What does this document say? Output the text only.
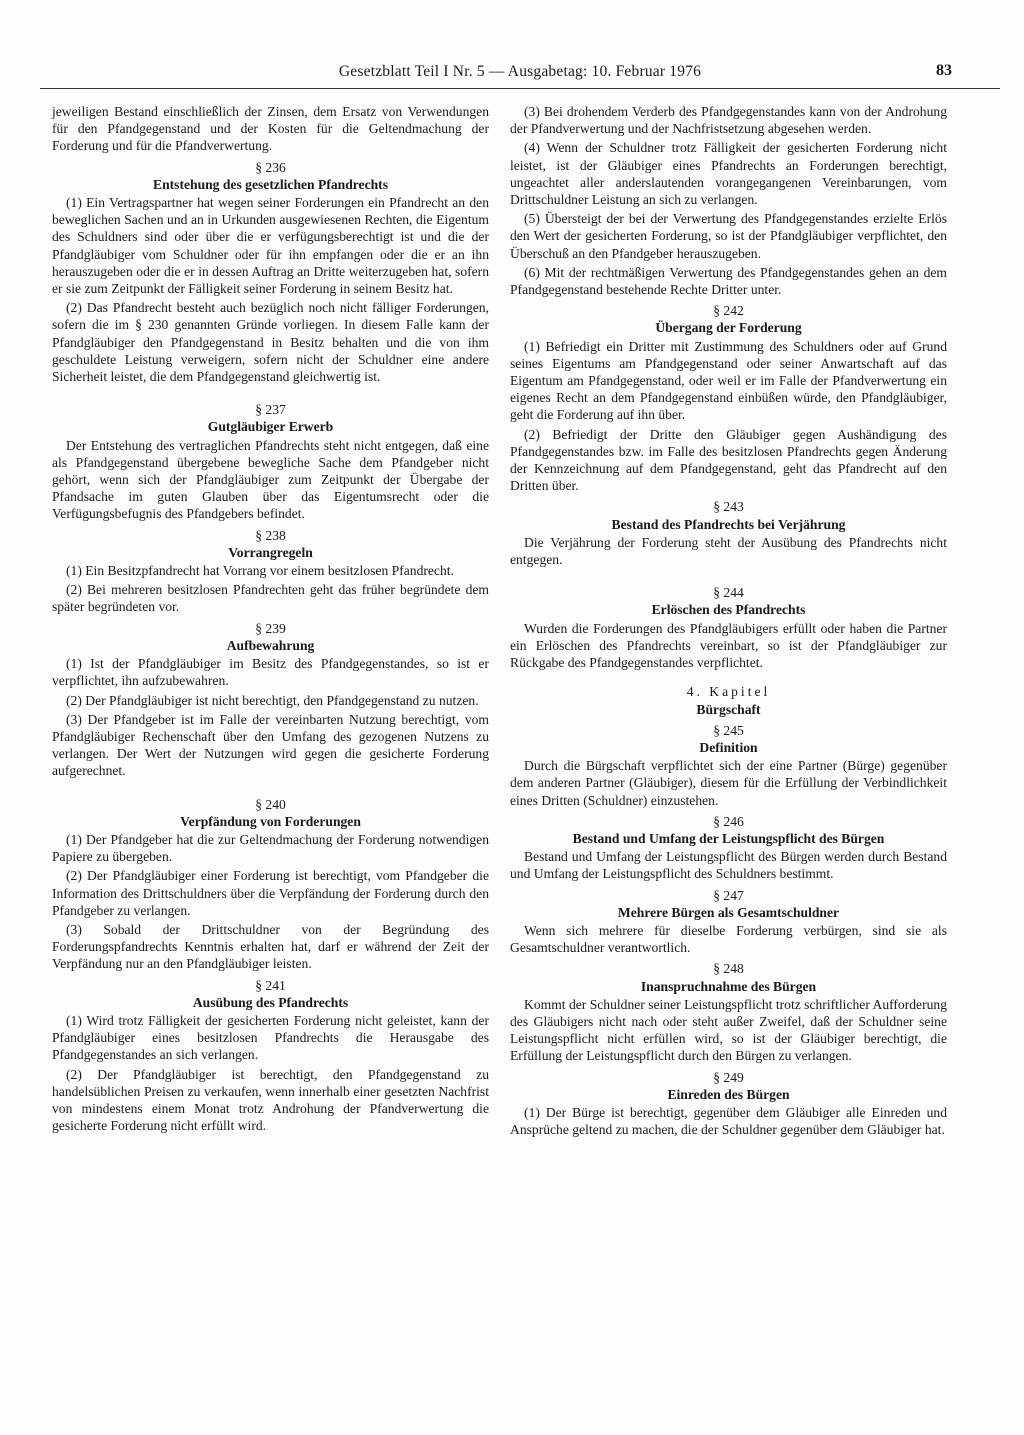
Gesetzblatt Teil I Nr. 5 — Ausgabetag: 10. Februar 1976	83

jeweiligen Bestand einschließlich der Zinsen, dem Ersatz von Verwendungen für den Pfandgegenstand und der Kosten für die Geltendmachung der Forderung und für die Pfandverwertung.

§ 236
Entstehung des gesetzlichen Pfandrechts

(1) Ein Vertragspartner hat wegen seiner Forderungen ein Pfandrecht an den beweglichen Sachen und an in Urkunden ausgewiesenen Rechten, die Eigentum des Schuldners sind oder über die er verfügungsberechtigt ist und die der Pfandgläubiger vom Schuldner oder für ihn empfangen oder die er an ihn herauszugeben oder die er in dessen Auftrag an Dritte weiterzugeben hat, sofern er sie zum Zeitpunkt der Fälligkeit seiner Forderung in seinem Besitz hat.

(2) Das Pfandrecht besteht auch bezüglich noch nicht fälliger Forderungen, sofern die im § 230 genannten Gründe vorliegen. In diesem Falle kann der Pfandgläubiger den Pfandgegenstand in Besitz behalten und die von ihm geschuldete Leistung verweigern, sofern nicht der Schuldner eine andere Sicherheit leistet, die dem Pfandgegenstand gleichwertig ist.

§ 237
Gutgläubiger Erwerb

Der Entstehung des vertraglichen Pfandrechts steht nicht entgegen, daß eine als Pfandgegenstand übergebene bewegliche Sache dem Pfandgeber nicht gehört, wenn sich der Pfandgläubiger zum Zeitpunkt der Übergabe der Pfandsache im guten Glauben über das Eigentumsrecht oder die Verfügungsbefugnis des Pfandgebers befindet.

§ 238
Vorrangregeln

(1) Ein Besitzpfandrecht hat Vorrang vor einem besitzlosen Pfandrecht.

(2) Bei mehreren besitzlosen Pfandrechten geht das früher begründete dem später begründeten vor.

§ 239
Aufbewahrung

(1) Ist der Pfandgläubiger im Besitz des Pfandgegenstandes, so ist er verpflichtet, ihn aufzubewahren.

(2) Der Pfandgläubiger ist nicht berechtigt, den Pfandgegenstand zu nutzen.

(3) Der Pfandgeber ist im Falle der vereinbarten Nutzung berechtigt, vom Pfandgläubiger Rechenschaft über den Umfang des gezogenen Nutzens zu verlangen. Der Wert der Nutzungen wird gegen die gesicherte Forderung aufgerechnet.

§ 240
Verpfändung von Forderungen

(1) Der Pfandgeber hat die zur Geltendmachung der Forderung notwendigen Papiere zu übergeben.

(2) Der Pfandgläubiger einer Forderung ist berechtigt, vom Pfandgeber die Information des Drittschuldners über die Verpfändung der Forderung durch den Pfandgeber zu verlangen.

(3) Sobald der Drittschuldner von der Begründung des Forderungspfandrechts Kenntnis erhalten hat, darf er während der Zeit der Verpfändung nur an den Pfandgläubiger leisten.

§ 241
Ausübung des Pfandrechts

(1) Wird trotz Fälligkeit der gesicherten Forderung nicht geleistet, kann der Pfandgläubiger eines besitzlosen Pfandrechts die Herausgabe des Pfandgegenstandes an sich verlangen.

(2) Der Pfandgläubiger ist berechtigt, den Pfandgegenstand zu handelsüblichen Preisen zu verkaufen, wenn innerhalb einer gesetzten Nachfrist von mindestens einem Monat trotz Androhung der Pfandverwertung die gesicherte Forderung nicht erfüllt wird.

(3) Bei drohendem Verderb des Pfandgegenstandes kann von der Androhung der Pfandverwertung und der Nachfristsetzung abgesehen werden.

(4) Wenn der Schuldner trotz Fälligkeit der gesicherten Forderung nicht leistet, ist der Gläubiger eines Pfandrechts an Forderungen berechtigt, ungeachtet aller anderslautenden vorangegangenen Vereinbarungen, vom Drittschuldner Leistung an sich zu verlangen.

(5) Übersteigt der bei der Verwertung des Pfandgegenstandes erzielte Erlös den Wert der gesicherten Forderung, so ist der Pfandgläubiger verpflichtet, den Überschuß an den Pfandgeber herauszugeben.

(6) Mit der rechtmäßigen Verwertung des Pfandgegenstandes gehen an dem Pfandgegenstand bestehende Rechte Dritter unter.

§ 242
Übergang der Forderung

(1) Befriedigt ein Dritter mit Zustimmung des Schuldners oder auf Grund seines Eigentums am Pfandgegenstand oder seiner Anwartschaft auf das Eigentum am Pfandgegenstand, oder weil er im Falle der Pfandverwertung ein eigenes Recht an dem Pfandgegenstand einbüßen würde, den Pfandgläubiger, geht die Forderung auf ihn über.

(2) Befriedigt der Dritte den Gläubiger gegen Aushändigung des Pfandgegenstandes bzw. im Falle des besitzlosen Pfandrechts gegen Änderung der Kennzeichnung auf dem Pfandgegenstand, geht das Pfandrecht auf den Dritten über.

§ 243
Bestand des Pfandrechts bei Verjährung

Die Verjährung der Forderung steht der Ausübung des Pfandrechts nicht entgegen.

§ 244
Erlöschen des Pfandrechts

Wurden die Forderungen des Pfandgläubigers erfüllt oder haben die Partner ein Erlöschen des Pfandrechts vereinbart, so ist der Pfandgläubiger zur Rückgabe des Pfandgegenstandes verpflichtet.

4. Kapitel
Bürgschaft
§ 245
Definition

Durch die Bürgschaft verpflichtet sich der eine Partner (Bürge) gegenüber dem anderen Partner (Gläubiger), diesem für die Erfüllung der Verbindlichkeit eines Dritten (Schuldner) einzustehen.

§ 246
Bestand und Umfang der Leistungspflicht des Bürgen

Bestand und Umfang der Leistungspflicht des Bürgen werden durch Bestand und Umfang der Leistungspflicht des Schuldners bestimmt.

§ 247
Mehrere Bürgen als Gesamtschuldner

Wenn sich mehrere für dieselbe Forderung verbürgen, sind sie als Gesamtschuldner verantwortlich.

§ 248
Inanspruchnahme des Bürgen

Kommt der Schuldner seiner Leistungspflicht trotz schriftlicher Aufforderung des Gläubigers nicht nach oder steht außer Zweifel, daß der Schuldner seine Leistungspflicht nicht erfüllen wird, so ist der Gläubiger berechtigt, die Erfüllung der Leistungspflicht durch den Bürgen zu verlangen.

§ 249
Einreden des Bürgen

(1) Der Bürge ist berechtigt, gegenüber dem Gläubiger alle Einreden und Ansprüche geltend zu machen, die der Schuldner gegenüber dem Gläubiger hat.
